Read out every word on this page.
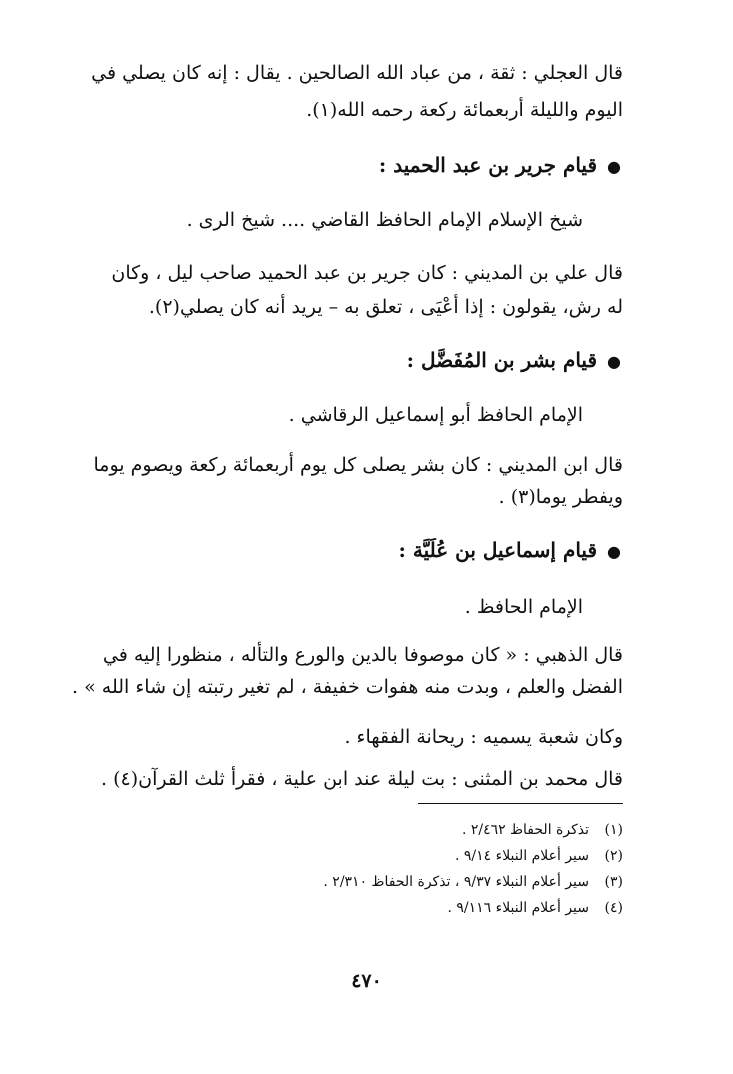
قال العجلي : ثقة ، من عباد الله الصالحين . يقال : إنه كان يصلي في
اليوم والليلة أربعمائة ركعة رحمه الله(١).
●قيام جرير بن عبد الحميد :
شيخ الإسلام الإمام الحافظ القاضي .... شيخ الرى .
قال علي بن المديني : كان جرير بن عبد الحميد صاحب ليل ، وكان
له رش، يقولون : إذا أعْيَى ، تعلق به – يريد أنه كان يصلي(٢).
●قيام بشر بن المُفَضَّل :
الإمام الحافظ أبو إسماعيل الرقاشي .
قال ابن المديني : كان بشر يصلى كل يوم أربعمائة ركعة ويصوم يوما
ويفطر يوما(٣) .
●قيام إسماعيل بن عُلَيَّة :
الإمام الحافظ .
قال الذهبي : « كان موصوفا بالدين والورع والتأله ، منظورا إليه في
الفضل والعلم ، وبدت منه هفوات خفيفة ، لم تغير رتبته إن شاء الله » .
وكان شعبة يسميه : ريحانة الفقهاء .
قال محمد بن المثنى : بت ليلة عند ابن علية ، فقرأ ثلث القرآن(٤) .
(١)تذكرة الحفاظ ٢/٤٦٢ .
(٢)سير أعلام النبلاء ٩/١٤ .
(٣)سير أعلام النبلاء ٩/٣٧ ، تذكرة الحفاظ ٢/٣١٠ .
(٤)سير أعلام النبلاء ٩/١١٦ .
٤٧٠
